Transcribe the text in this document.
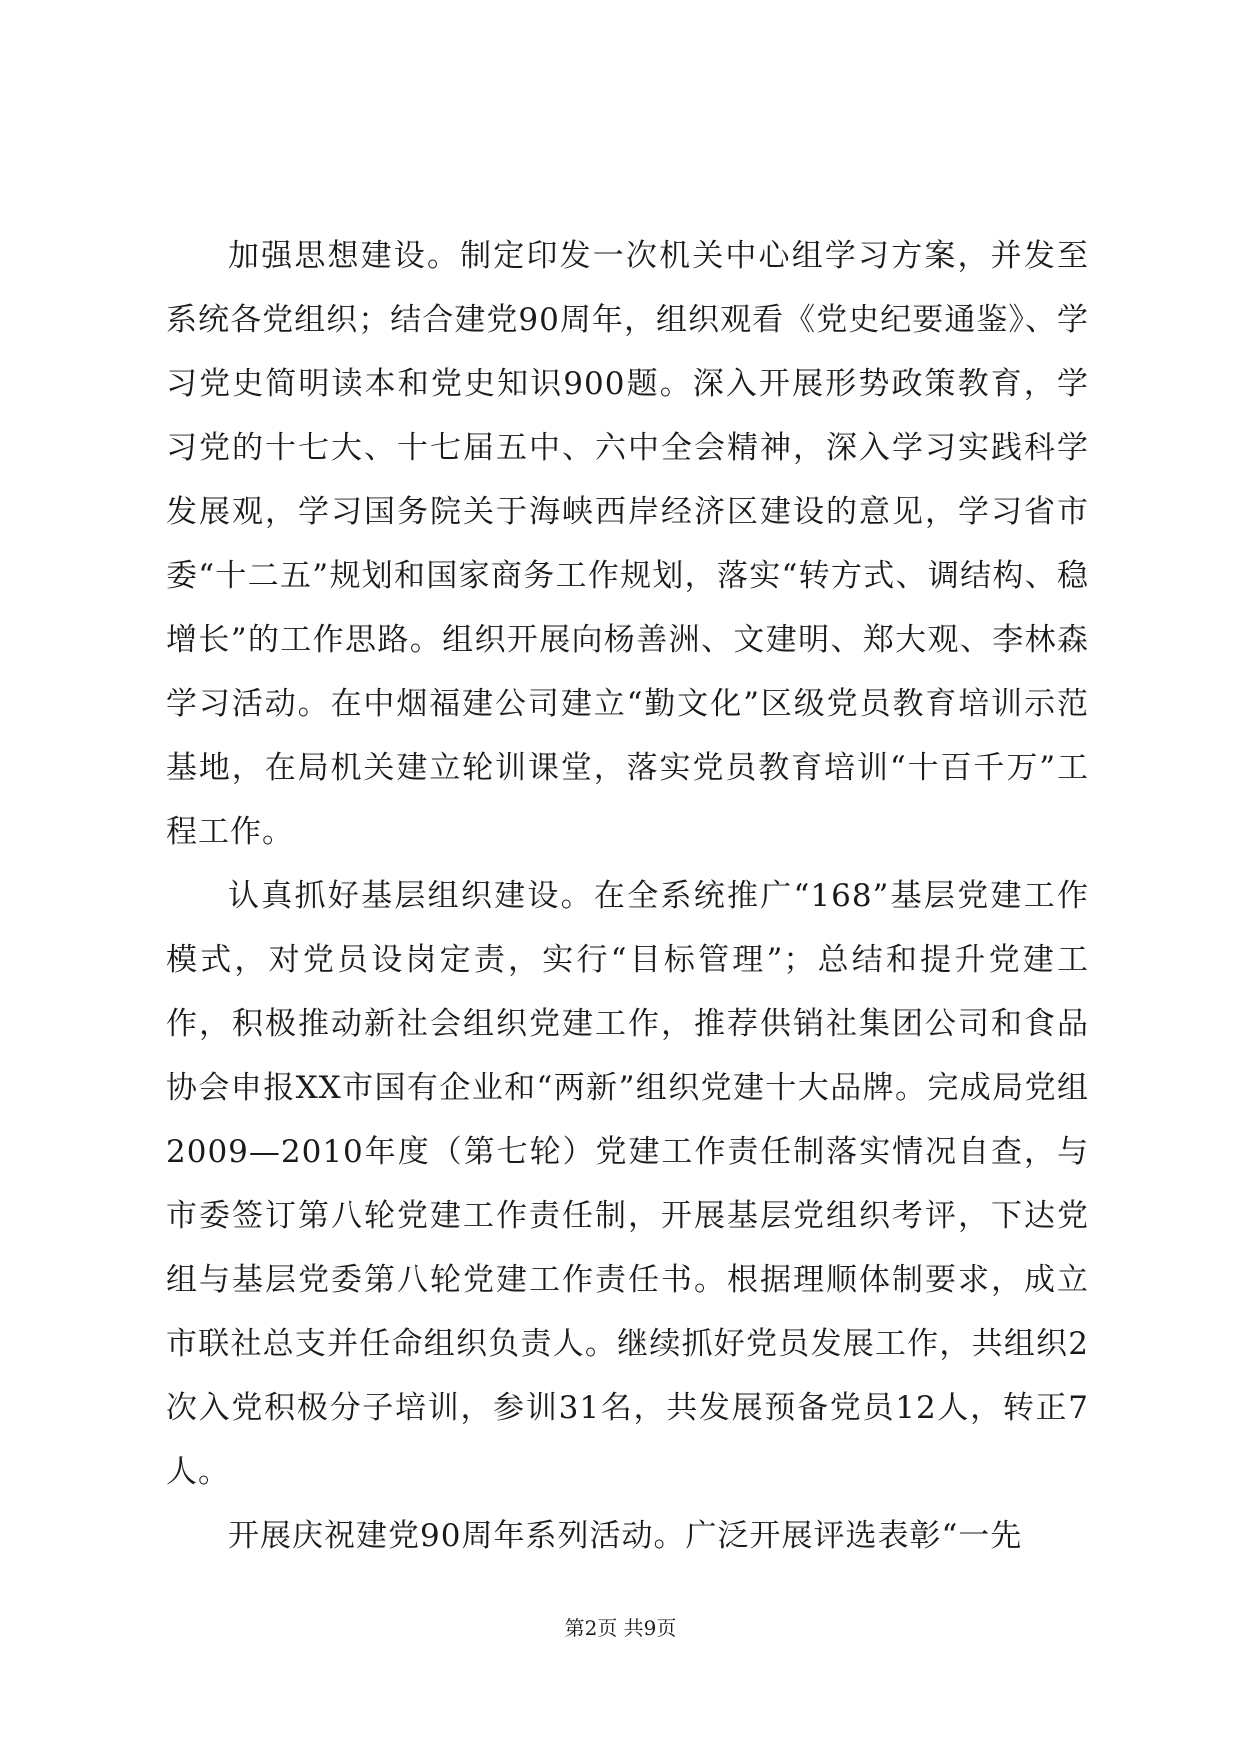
加强思想建设。制定印发一次机关中心组学习方案，并发至系统各党组织；结合建党90周年，组织观看《党史纪要通鉴》、学习党史简明读本和党史知识900题。深入开展形势政策教育，学习党的十七大、十七届五中、六中全会精神，深入学习实践科学发展观，学习国务院关于海峡西岸经济区建设的意见，学习省市委“十二五”规划和国家商务工作规划，落实“转方式、调结构、稳增长”的工作思路。组织开展向杨善洲、文建明、郑大观、李林森学习活动。在中烟福建公司建立“勤文化”区级党员教育培训示范基地，在局机关建立轮训课堂，落实党员教育培训“十百千万”工程工作。

认真抓好基层组织建设。在全系统推广“168”基层党建工作模式，对党员设岗定责，实行“目标管理”；总结和提升党建工作，积极推动新社会组织党建工作，推荐供销社集团公司和食品协会申报XX市国有企业和“两新”组织党建十大品牌。完成局党组2009—2010年度（第七轮）党建工作责任制落实情况自查，与市委签订第八轮党建工作责任制，开展基层党组织考评，下达党组与基层党委第八轮党建工作责任书。根据理顺体制要求，成立市联社总支并任命组织负责人。继续抓好党员发展工作，共组织2次入党积极分子培训，参训31名，共发展预备党员12人，转正7人。

开展庆祝建党90周年系列活动。广泛开展评选表彰“一先

第2页 共9页
